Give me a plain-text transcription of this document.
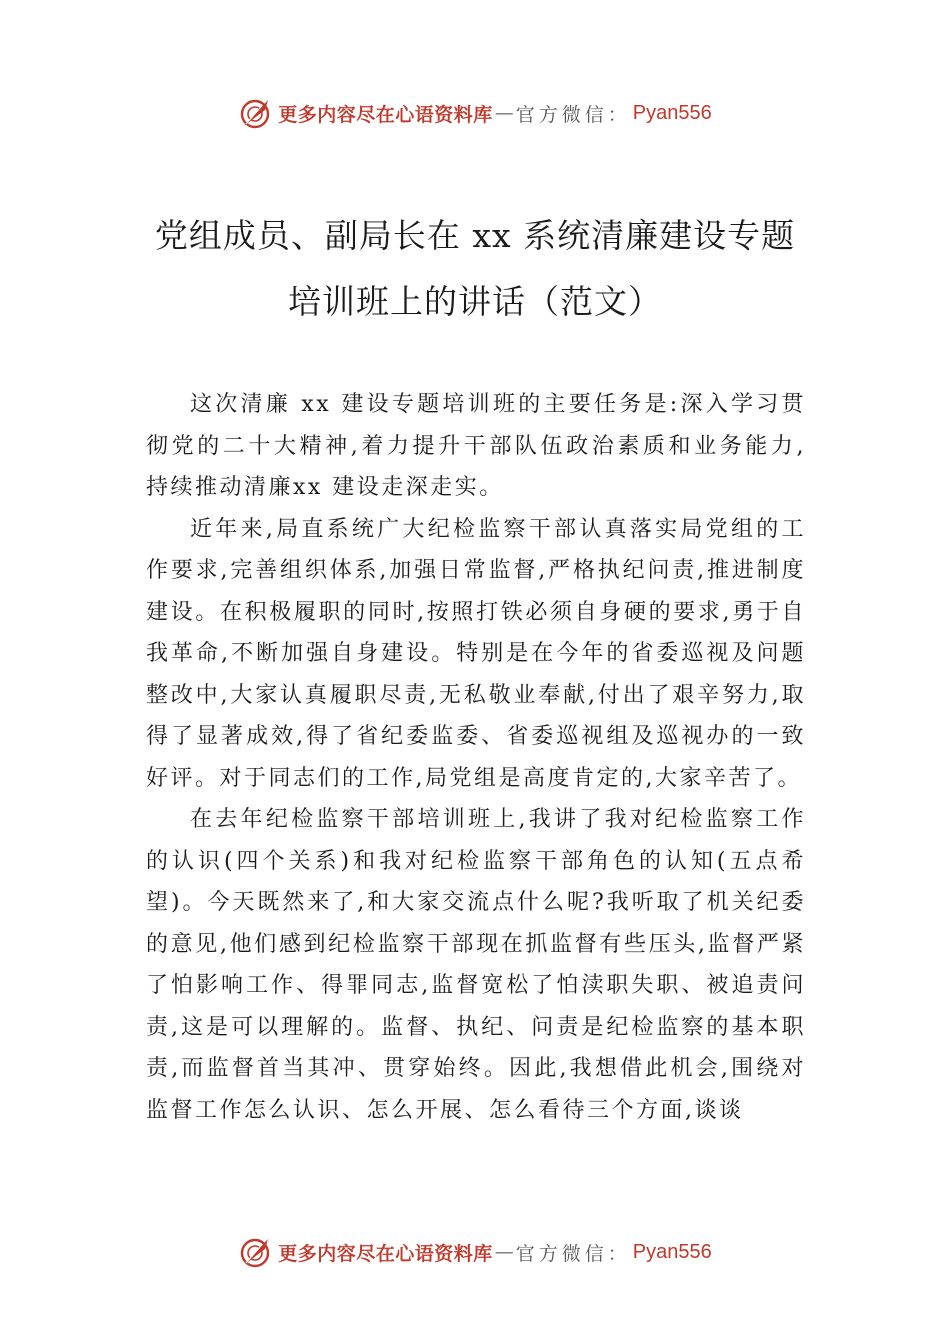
更多内容尽在心语资料库 — 官方微信： Pyan556
党组成员、副局长在 xx 系统清廉建设专题
培训班上的讲话（范文）

这次清廉 xx 建设专题培训班的主要任务是:深入学习贯彻党的二十大精神,着力提升干部队伍政治素质和业务能力, 持续推动清廉xx 建设走深走实。

近年来,局直系统广大纪检监察干部认真落实局党组的工作要求,完善组织体系,加强日常监督,严格执纪问责,推进制度建设。在积极履职的同时,按照打铁必须自身硬的要求,勇于自我革命,不断加强自身建设。特别是在今年的省委巡视及问题整改中,大家认真履职尽责,无私敬业奉献,付出了艰辛努力,取得了显著成效,得了省纪委监委、省委巡视组及巡视办的一致好评。对于同志们的工作,局党组是高度肯定的,大家辛苦了。

在去年纪检监察干部培训班上,我讲了我对纪检监察工作的认识(四个关系)和我对纪检监察干部角色的认知(五点希望)。今天既然来了,和大家交流点什么呢?我听取了机关纪委的意见,他们感到纪检监察干部现在抓监督有些压头,监督严紧了怕影响工作、得罪同志,监督宽松了怕渎职失职、被追责问责,这是可以理解的。监督、执纪、问责是纪检监察的基本职责,而监督首当其冲、贯穿始终。因此,我想借此机会,围绕对监督工作怎么认识、怎么开展、怎么看待三个方面,谈谈

更多内容尽在心语资料库 — 官方微信： Pyan556
